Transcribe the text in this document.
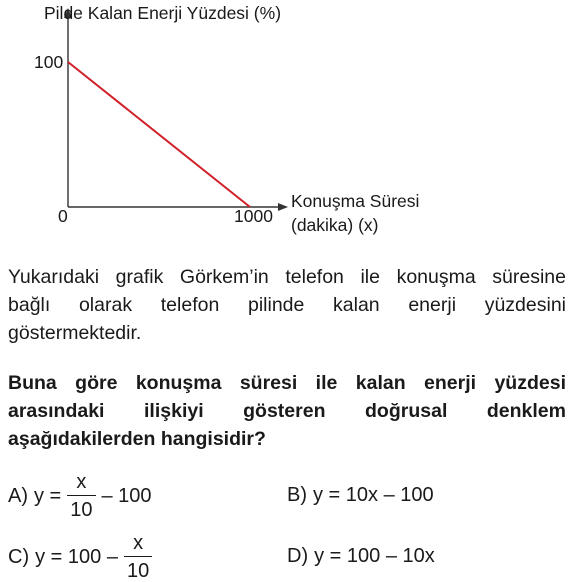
Pilde Kalan Enerji Yüzdesi (%)
100
0	1000
Konuşma Süresi
(dakika) (x)
Yukarıdaki grafik Görkem’in telefon ile konuşma süresine
bağlı olarak telefon pilinde kalan enerji yüzdesini
göstermektedir.
Buna göre konuşma süresi ile kalan enerji yüzdesi
arasındaki ilişkiyi gösteren doğrusal denklem
aşağıdakilerden hangisidir?
A) $y = \frac{x}{10} - 100$	B) y = 10x – 100
C) $y = 100 - \frac{x}{10}$	D) y = 100 – 10x
